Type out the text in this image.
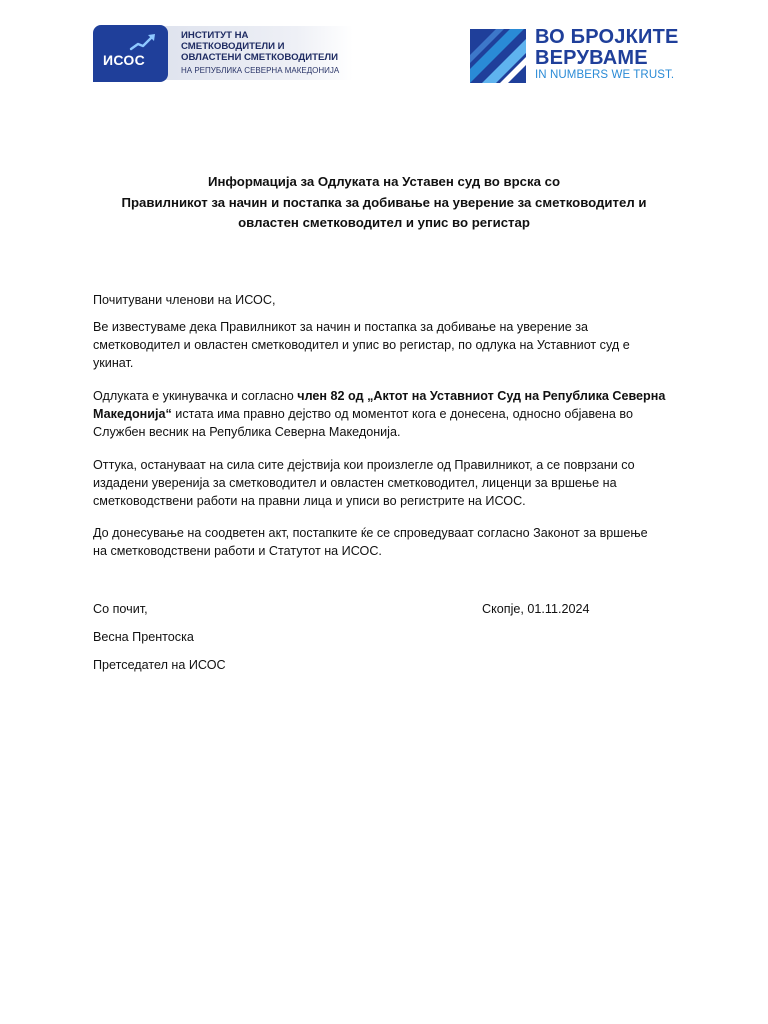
ИСОС
ИНСТИТУТ НА
СМЕТКОВОДИТЕЛИ И
ОВЛАСТЕНИ СМЕТКОВОДИТЕЛИ
НА РЕПУБЛИКА СЕВЕРНА МАКЕДОНИЈА
ВО БРОЈКИТЕ
ВЕРУВАМЕ
IN NUMBERS WE TRUST.
Информација за Одлуката на Уставен суд во врска со
Правилникот за начин и постапка за добивање на уверение за сметководител и
овластен сметководител и упис во регистар
Почитувани членови на ИСОС,
Ве известуваме дека Правилникот за начин и постапка за добивање на уверение за
сметководител и овластен сметководител и упис во регистар, по одлука на Уставниот суд е
укинат.
Одлуката е укинувачка и согласно член 82 од „Актот на Уставниот Суд на Република Северна
Македонија“ истата има правно дејство од моментот кога е донесена, односно објавена во
Службен весник на Република Северна Македонија.
Оттука, остануваат на сила сите дејствија кои произлегле од Правилникот, а се поврзани со
издадени уверенија за сметководител и овластен сметководител, лиценци за вршење на
сметководствени работи на правни лица и уписи во регистрите на ИСОС.
До донесување на соодветен акт, постапките ќе се спроведуваат согласно Законот за вршење
на сметководствени работи и Статутот на ИСОС.
Со почит,	Скопје, 01.11.2024
Весна Прентоска
Претседател на ИСОС
